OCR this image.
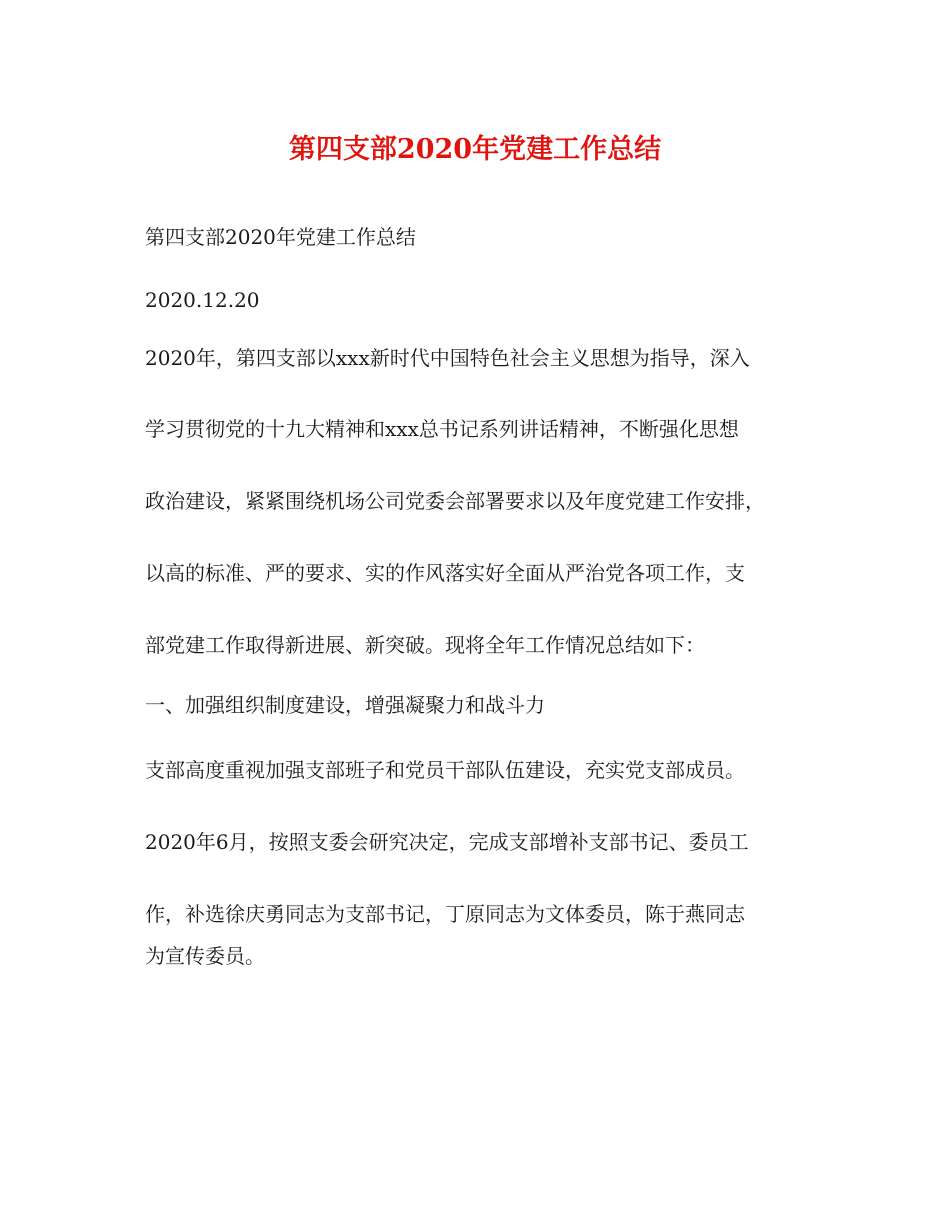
第四支部2020年党建工作总结
第四支部2020年党建工作总结
2020.12.20
2020年，第四支部以xxx新时代中国特色社会主义思想为指导，深入
学习贯彻党的十九大精神和xxx总书记系列讲话精神，不断强化思想
政治建设，紧紧围绕机场公司党委会部署要求以及年度党建工作安排，
以高的标准、严的要求、实的作风落实好全面从严治党各项工作，支
部党建工作取得新进展、新突破。现将全年工作情况总结如下：
一、加强组织制度建设，增强凝聚力和战斗力
支部高度重视加强支部班子和党员干部队伍建设，充实党支部成员。
2020年6月，按照支委会研究决定，完成支部增补支部书记、委员工
作，补选徐庆勇同志为支部书记，丁原同志为文体委员，陈于燕同志
为宣传委员。
